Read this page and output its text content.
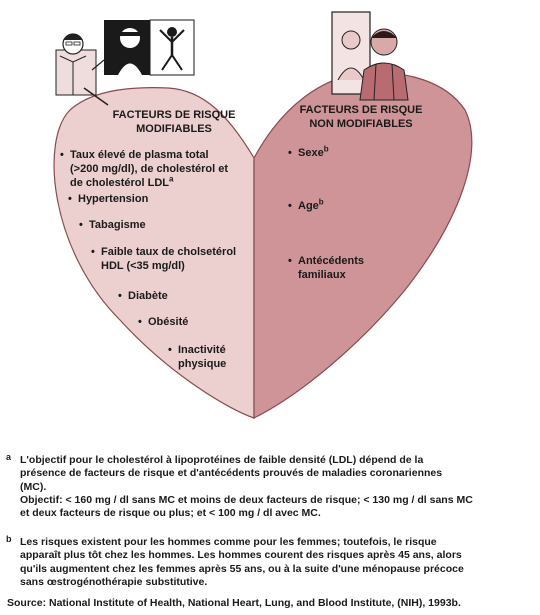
FACTEURS DE RISQUE
MODIFIABLES
FACTEURS DE RISQUE
NON MODIFIABLES
• Taux élevé de plasma total
(>200 mg/dl), de cholestérol et
de cholestérol LDL$^a$
• Hypertension
• Tabagisme
• Faible taux de cholsetérol
HDL (<35 mg/dl)
• Diabète
• Obésité
• Inactivité
physique
• Sexe$^b$
• Age$^b$
• Antécédents
familiaux
a L'objectif pour le cholestérol à lipoprotéines de faible densité (LDL) dépend de la
présence de facteurs de risque et d'antécédents prouvés de maladies coronariennes
(MC).
Objectif: < 160 mg / dl sans MC et moins de deux facteurs de risque; < 130 mg / dl sans MC
et deux facteurs de risque ou plus; et < 100 mg / dl avec MC.
b Les risques existent pour les hommes comme pour les femmes; toutefois, le risque
apparaît plus tôt chez les hommes. Les hommes courent des risques après 45 ans, alors
qu'ils augmentent chez les femmes après 55 ans, ou à la suite d'une ménopause précoce
sans œstrogénothérapie substitutive.
Source: National Institute of Health, National Heart, Lung, and Blood Institute, (NIH), 1993b.
